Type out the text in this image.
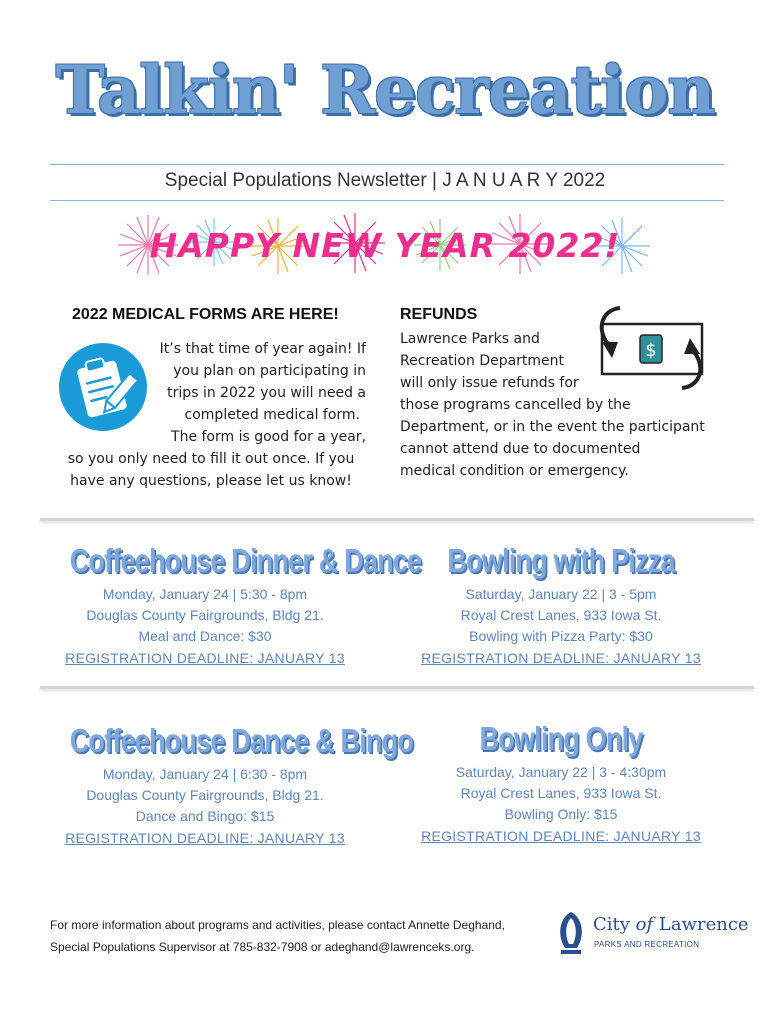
Talkin' Recreation
Special Populations Newsletter | J A N U A R Y 2022
HAPPY NEW YEAR 2022!
2022 MEDICAL FORMS ARE HERE!
It’s that time of year again! If
you plan on participating in
trips in 2022 you will need a
completed medical form.
The form is good for a year,
so you only need to fill it out once. If you
have any questions, please let us know!
REFUNDS
$
Lawrence Parks and
Recreation Department
will only issue refunds for
those programs cancelled by the
Department, or in the event the participant
cannot attend due to documented
medical condition or emergency.
Coffeehouse Dinner & Dance
Monday, January 24 | 5:30 - 8pm
Douglas County Fairgrounds, Bldg 21.
Meal and Dance: $30
REGISTRATION DEADLINE: JANUARY 13
Bowling with Pizza
Saturday, January 22 | 3 - 5pm
Royal Crest Lanes, 933 Iowa St.
Bowling with Pizza Party: $30
REGISTRATION DEADLINE: JANUARY 13
Coffeehouse Dance & Bingo
Monday, January 24 | 6:30 - 8pm
Douglas County Fairgrounds, Bldg 21.
Dance and Bingo: $15
REGISTRATION DEADLINE: JANUARY 13
Bowling Only
Saturday, January 22 | 3 - 4:30pm
Royal Crest Lanes, 933 Iowa St.
Bowling Only: $15
REGISTRATION DEADLINE: JANUARY 13
For more information about programs and activities, please contact Annette Deghand,
Special Populations Supervisor at 785-832-7908 or adeghand@lawrenceks.org.
City of Lawrence
PARKS AND RECREATION
